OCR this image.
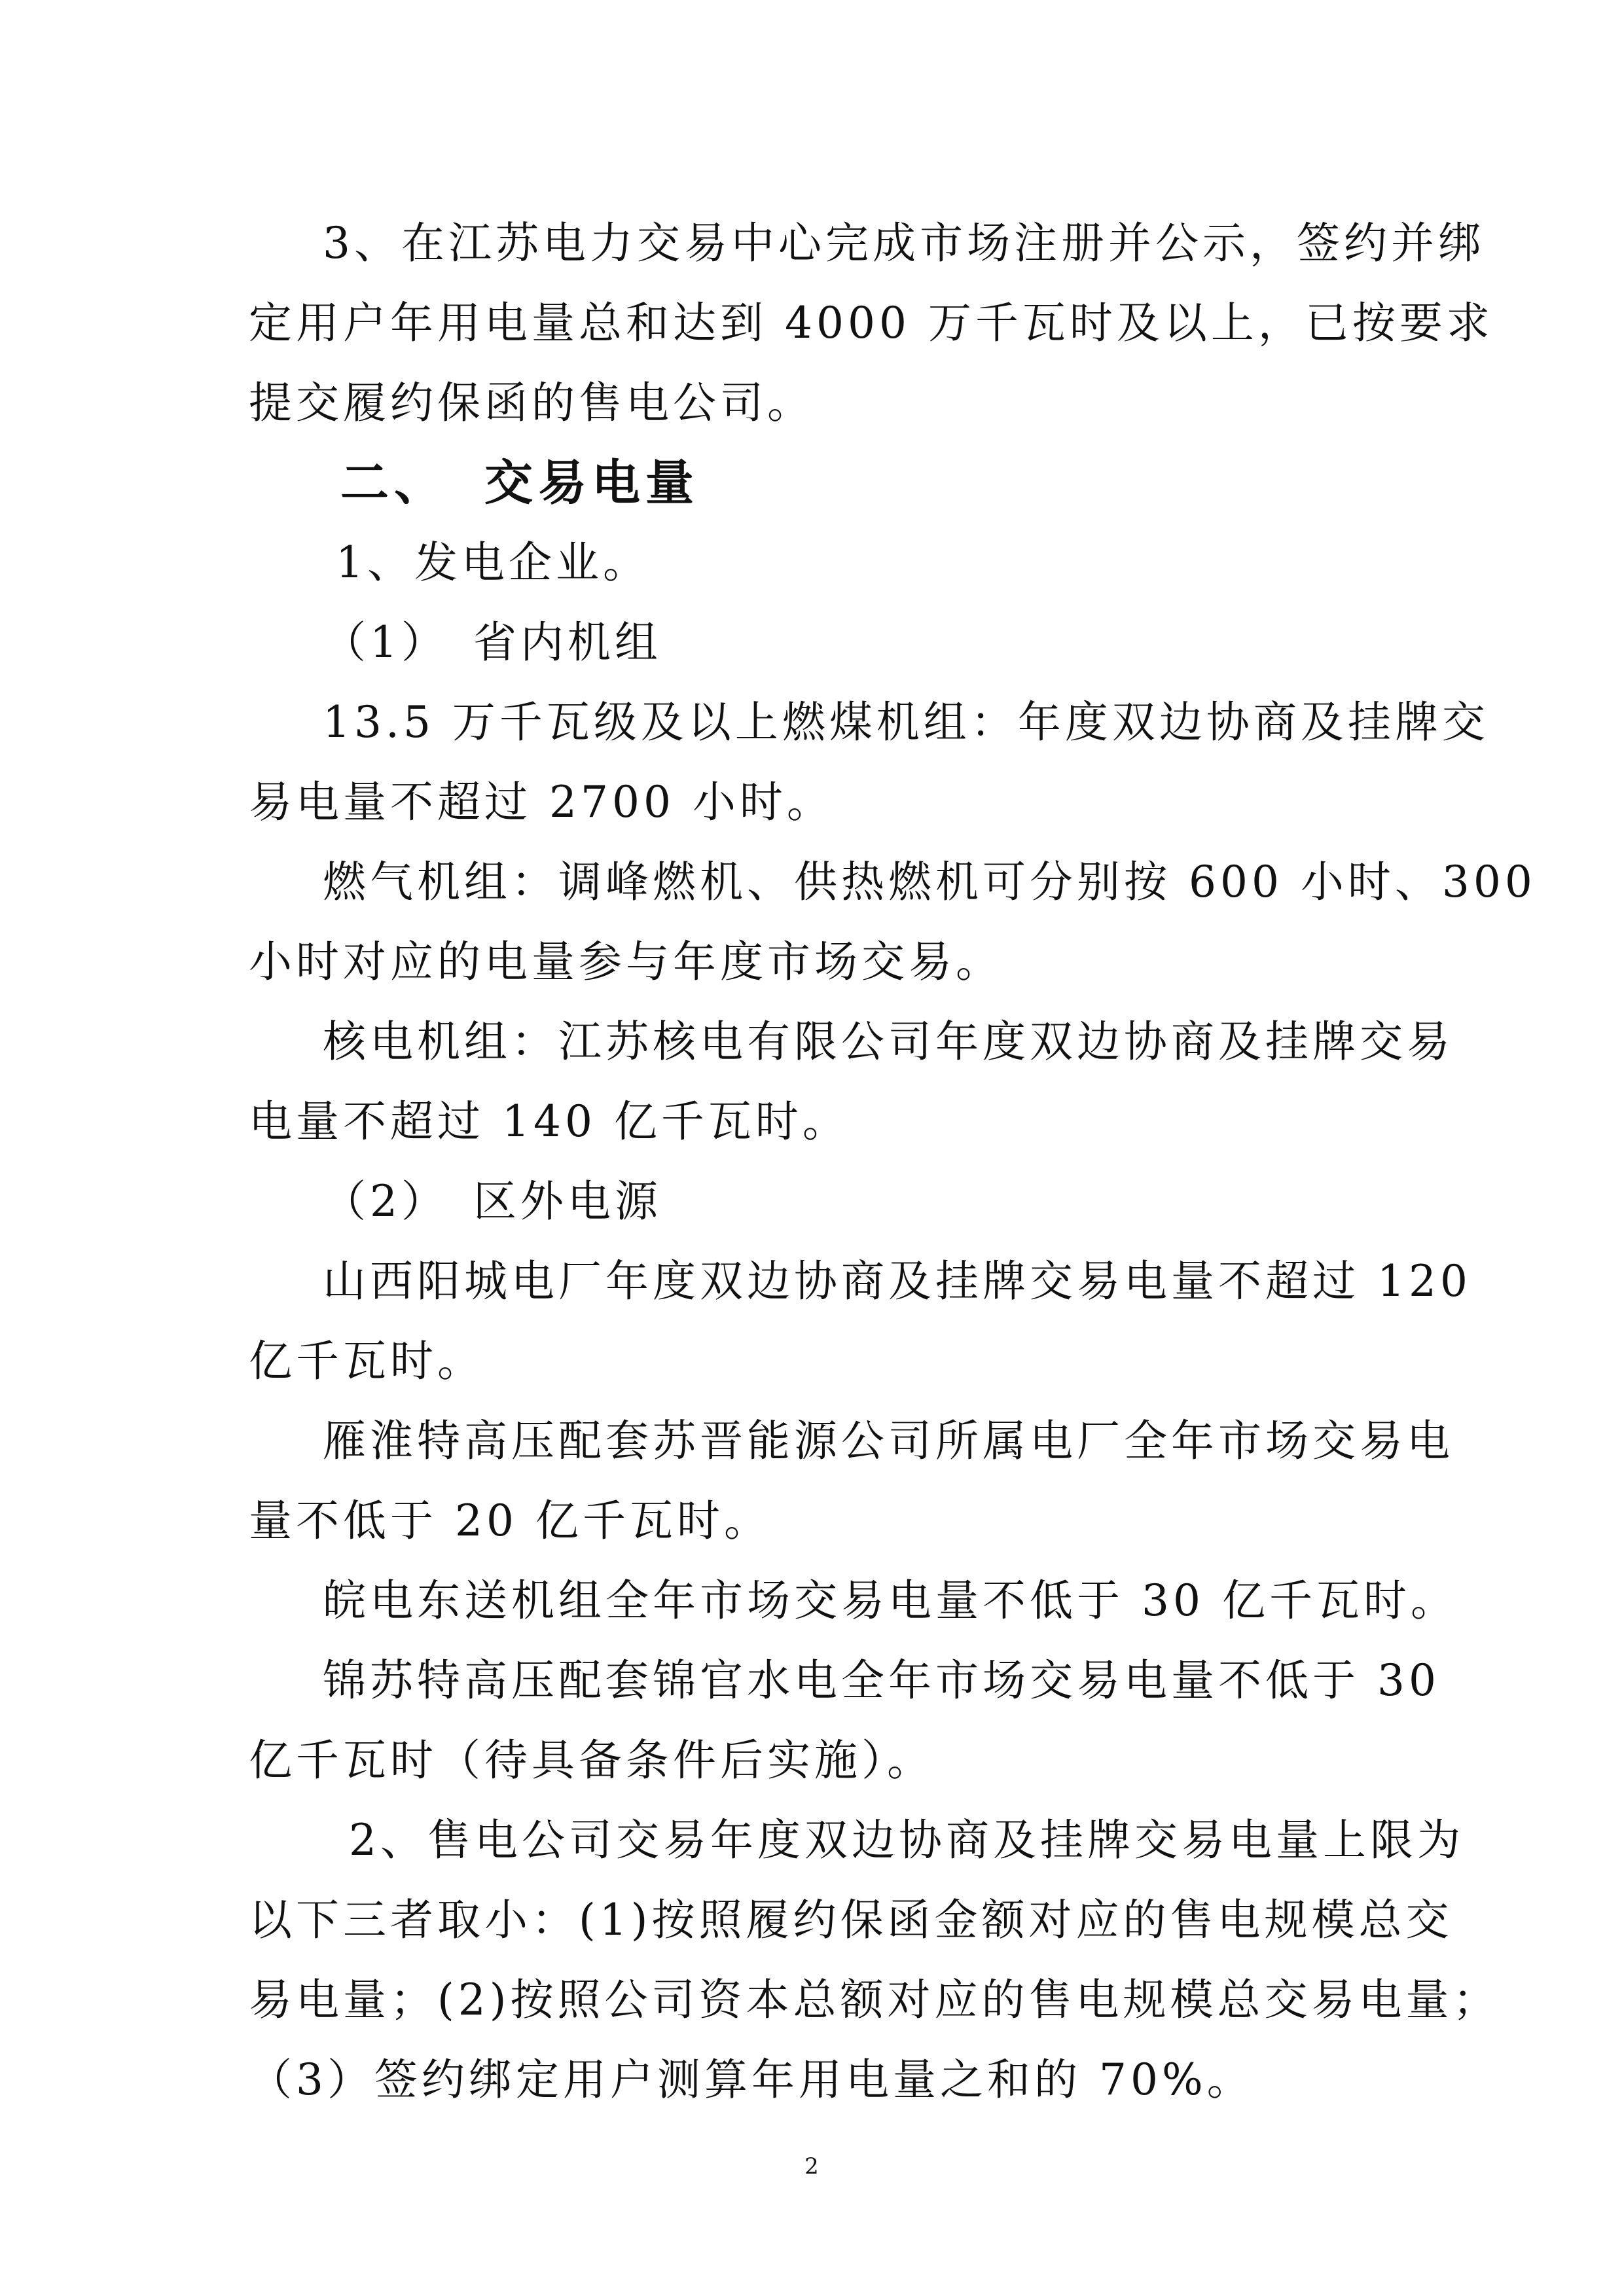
3、在江苏电力交易中心完成市场注册并公示，签约并绑
定用户年用电量总和达到 4000 万千瓦时及以上，已按要求
提交履约保函的售电公司。
二、 交易电量
1、发电企业。
（1） 省内机组
13.5 万千瓦级及以上燃煤机组：年度双边协商及挂牌交
易电量不超过 2700 小时。
燃气机组：调峰燃机、供热燃机可分别按 600 小时、300
小时对应的电量参与年度市场交易。
核电机组：江苏核电有限公司年度双边协商及挂牌交易
电量不超过 140 亿千瓦时。
（2） 区外电源
山西阳城电厂年度双边协商及挂牌交易电量不超过 120
亿千瓦时。
雁淮特高压配套苏晋能源公司所属电厂全年市场交易电
量不低于 20 亿千瓦时。
皖电东送机组全年市场交易电量不低于 30 亿千瓦时。
锦苏特高压配套锦官水电全年市场交易电量不低于 30
亿千瓦时（待具备条件后实施）。
2、售电公司交易年度双边协商及挂牌交易电量上限为
以下三者取小：(1)按照履约保函金额对应的售电规模总交
易电量；(2)按照公司资本总额对应的售电规模总交易电量；
（3）签约绑定用户测算年用电量之和的 70%。
2
